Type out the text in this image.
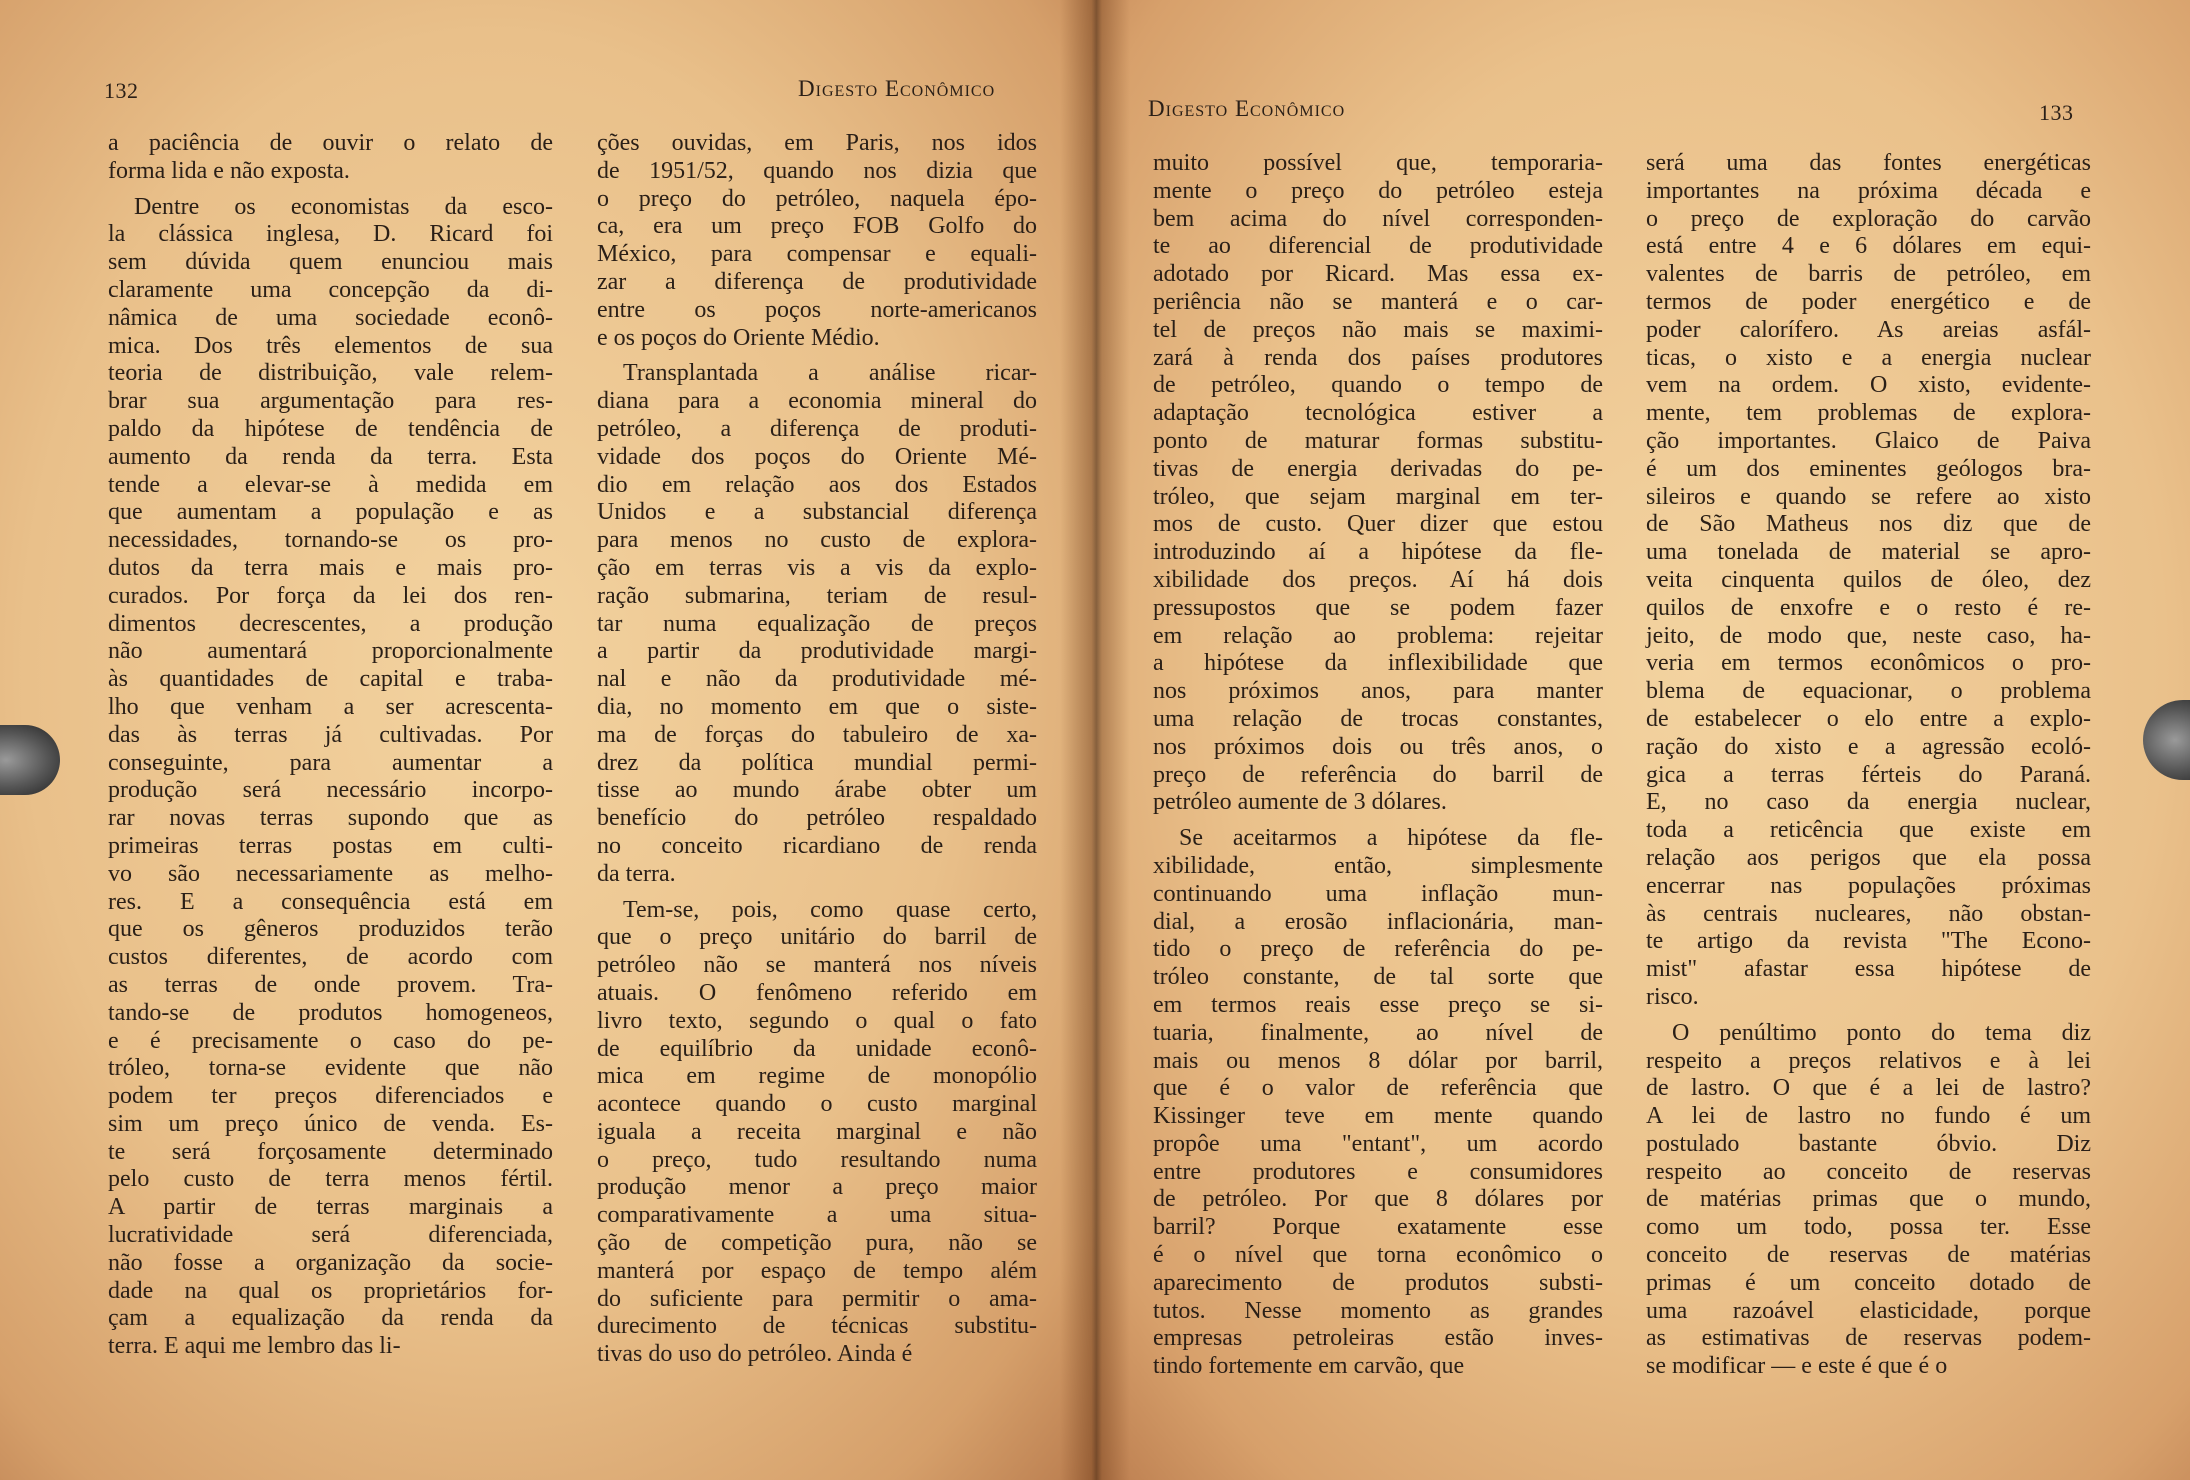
132	Digesto Econômico

a paciência de ouvir o relato de

forma lida e não exposta.

Dentre os economistas da esco-

la clássica inglesa, D. Ricard foi

sem dúvida quem enunciou mais

claramente uma concepção da di-

nâmica de uma sociedade econô-

mica. Dos três elementos de sua

teoria de distribuição, vale relem-

brar sua argumentação para res-

paldo da hipótese de tendência de

aumento da renda da terra. Esta

tende a elevar-se à medida em

que aumentam a população e as

necessidades, tornando-se os pro-

dutos da terra mais e mais pro-

curados. Por força da lei dos ren-

dimentos decrescentes, a produção

não aumentará proporcionalmente

às quantidades de capital e traba-

lho que venham a ser acrescenta-

das às terras já cultivadas. Por

conseguinte, para aumentar a

produção será necessário incorpo-

rar novas terras supondo que as

primeiras terras postas em culti-

vo são necessariamente as melho-

res. E a consequência está em

que os gêneros produzidos terão

custos diferentes, de acordo com

as terras de onde provem. Tra-

tando-se de produtos homogeneos,

e é precisamente o caso do pe-

tróleo, torna-se evidente que não

podem ter preços diferenciados e

sim um preço único de venda. Es-

te será forçosamente determinado

pelo custo de terra menos fértil.

A partir de terras marginais a

lucratividade será diferenciada,

não fosse a organização da socie-

dade na qual os proprietários for-

çam a equalização da renda da

terra. E aqui me lembro das li-

ções ouvidas, em Paris, nos idos

de 1951/52, quando nos dizia que

o preço do petróleo, naquela épo-

ca, era um preço FOB Golfo do

México, para compensar e equali-

zar a diferença de produtividade

entre os poços norte-americanos

e os poços do Oriente Médio.

Transplantada a análise ricar-

diana para a economia mineral do

petróleo, a diferença de produti-

vidade dos poços do Oriente Mé-

dio em relação aos dos Estados

Unidos e a substancial diferença

para menos no custo de explora-

ção em terras vis a vis da explo-

ração submarina, teriam de resul-

tar numa equalização de preços

a partir da produtividade margi-

nal e não da produtividade mé-

dia, no momento em que o siste-

ma de forças do tabuleiro de xa-

drez da política mundial permi-

tisse ao mundo árabe obter um

benefício do petróleo respaldado

no conceito ricardiano de renda

da terra.

Tem-se, pois, como quase certo,

que o preço unitário do barril de

petróleo não se manterá nos níveis

atuais. O fenômeno referido em

livro texto, segundo o qual o fato

de equilíbrio da unidade econô-

mica em regime de monopólio

acontece quando o custo marginal

iguala a receita marginal e não

o preço, tudo resultando numa

produção menor a preço maior

comparativamente a uma situa-

ção de competição pura, não se

manterá por espaço de tempo além

do suficiente para permitir o ama-

durecimento de técnicas substitu-

tivas do uso do petróleo. Ainda é

Digesto Econômico	133

muito possível que, temporaria-

mente o preço do petróleo esteja

bem acima do nível corresponden-

te ao diferencial de produtividade

adotado por Ricard. Mas essa ex-

periência não se manterá e o car-

tel de preços não mais se maximi-

zará à renda dos países produtores

de petróleo, quando o tempo de

adaptação tecnológica estiver a

ponto de maturar formas substitu-

tivas de energia derivadas do pe-

tróleo, que sejam marginal em ter-

mos de custo. Quer dizer que estou

introduzindo aí a hipótese da fle-

xibilidade dos preços. Aí há dois

pressupostos que se podem fazer

em relação ao problema: rejeitar

a hipótese da inflexibilidade que

nos próximos anos, para manter

uma relação de trocas constantes,

nos próximos dois ou três anos, o

preço de referência do barril de

petróleo aumente de 3 dólares.

Se aceitarmos a hipótese da fle-

xibilidade, então, simplesmente

continuando uma inflação mun-

dial, a erosão inflacionária, man-

tido o preço de referência do pe-

tróleo constante, de tal sorte que

em termos reais esse preço se si-

tuaria, finalmente, ao nível de

mais ou menos 8 dólar por barril,

que é o valor de referência que

Kissinger teve em mente quando

propôe uma "entant", um acordo

entre produtores e consumidores

de petróleo. Por que 8 dólares por

barril? Porque exatamente esse

é o nível que torna econômico o

aparecimento de produtos substi-

tutos. Nesse momento as grandes

empresas petroleiras estão inves-

tindo fortemente em carvão, que

será uma das fontes energéticas

importantes na próxima década e

o preço de exploração do carvão

está entre 4 e 6 dólares em equi-

valentes de barris de petróleo, em

termos de poder energético e de

poder calorífero. As areias asfál-

ticas, o xisto e a energia nuclear

vem na ordem. O xisto, evidente-

mente, tem problemas de explora-

ção importantes. Glaico de Paiva

é um dos eminentes geólogos bra-

sileiros e quando se refere ao xisto

de São Matheus nos diz que de

uma tonelada de material se apro-

veita cinquenta quilos de óleo, dez

quilos de enxofre e o resto é re-

jeito, de modo que, neste caso, ha-

veria em termos econômicos o pro-

blema de equacionar, o problema

de estabelecer o elo entre a explo-

ração do xisto e a agressão ecoló-

gica a terras férteis do Paraná.

E, no caso da energia nuclear,

toda a reticência que existe em

relação aos perigos que ela possa

encerrar nas populações próximas

às centrais nucleares, não obstan-

te artigo da revista "The Econo-

mist" afastar essa hipótese de

risco.

O penúltimo ponto do tema diz

respeito a preços relativos e à lei

de lastro. O que é a lei de lastro?

A lei de lastro no fundo é um

postulado bastante óbvio. Diz

respeito ao conceito de reservas

de matérias primas que o mundo,

como um todo, possa ter. Esse

conceito de reservas de matérias

primas é um conceito dotado de

uma razoável elasticidade, porque

as estimativas de reservas podem-

se modificar — e este é que é o
